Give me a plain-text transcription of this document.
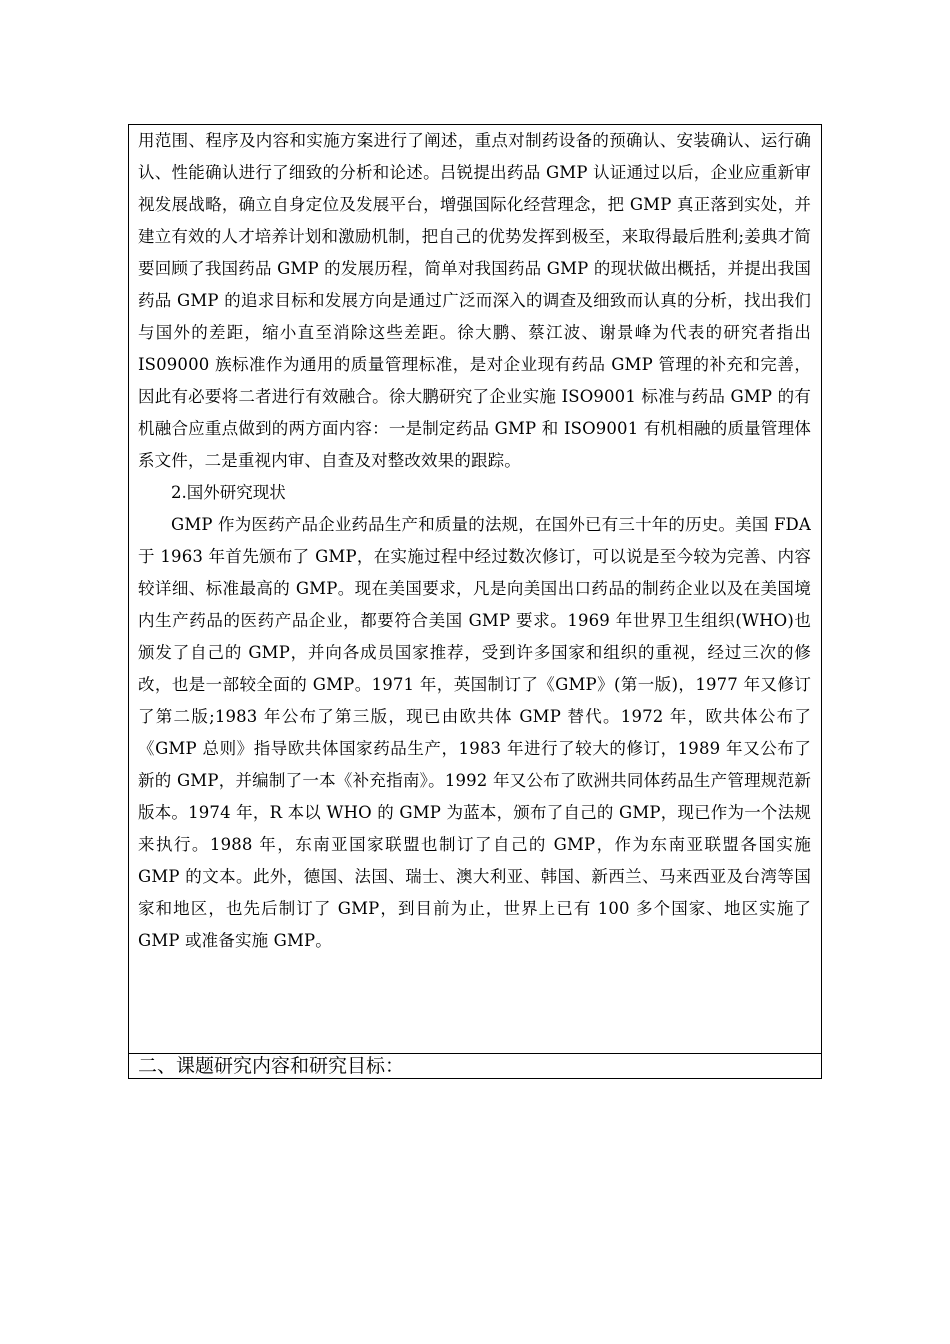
用范围、程序及内容和实施方案进行了阐述，重点对制药设备的预确认、安装确认、运行确认、性能确认进行了细致的分析和论述。吕锐提出药品 GMP 认证通过以后，企业应重新审视发展战略，确立自身定位及发展平台，增强国际化经营理念，把 GMP 真正落到实处，并建立有效的人才培养计划和激励机制，把自己的优势发挥到极至，来取得最后胜利;姜典才简要回顾了我国药品 GMP 的发展历程，简单对我国药品 GMP 的现状做出概括，并提出我国药品 GMP 的追求目标和发展方向是通过广泛而深入的调查及细致而认真的分析，找出我们与国外的差距，缩小直至消除这些差距。徐大鹏、蔡江波、谢景峰为代表的研究者指出 IS09000 族标准作为通用的质量管理标准，是对企业现有药品 GMP 管理的补充和完善，因此有必要将二者进行有效融合。徐大鹏研究了企业实施 ISO9001 标准与药品 GMP 的有机融合应重点做到的两方面内容：一是制定药品 GMP 和 ISO9001 有机相融的质量管理体系文件，二是重视内审、自查及对整改效果的跟踪。

2.国外研究现状

GMP 作为医药产品企业药品生产和质量的法规，在国外已有三十年的历史。美国 FDA 于 1963 年首先颁布了 GMP，在实施过程中经过数次修订，可以说是至今较为完善、内容较详细、标准最高的 GMP。现在美国要求，凡是向美国出口药品的制药企业以及在美国境内生产药品的医药产品企业，都要符合美国 GMP 要求。1969 年世界卫生组织(WHO)也颁发了自己的 GMP，并向各成员国家推荐，受到许多国家和组织的重视，经过三次的修改，也是一部较全面的 GMP。1971 年，英国制订了《GMP》(第一版)，1977 年又修订了第二版;1983 年公布了第三版，现已由欧共体 GMP 替代。1972 年，欧共体公布了《GMP 总则》指导欧共体国家药品生产，1983 年进行了较大的修订，1989 年又公布了新的 GMP，并编制了一本《补充指南》。1992 年又公布了欧洲共同体药品生产管理规范新版本。1974 年，R 本以 WHO 的 GMP 为蓝本，颁布了自己的 GMP，现已作为一个法规来执行。1988 年，东南亚国家联盟也制订了自己的 GMP，作为东南亚联盟各国实施 GMP 的文本。此外，德国、法国、瑞士、澳大利亚、韩国、新西兰、马来西亚及台湾等国家和地区，也先后制订了 GMP，到目前为止，世界上已有 100 多个国家、地区实施了 GMP 或准备实施 GMP。

二、课题研究内容和研究目标：
